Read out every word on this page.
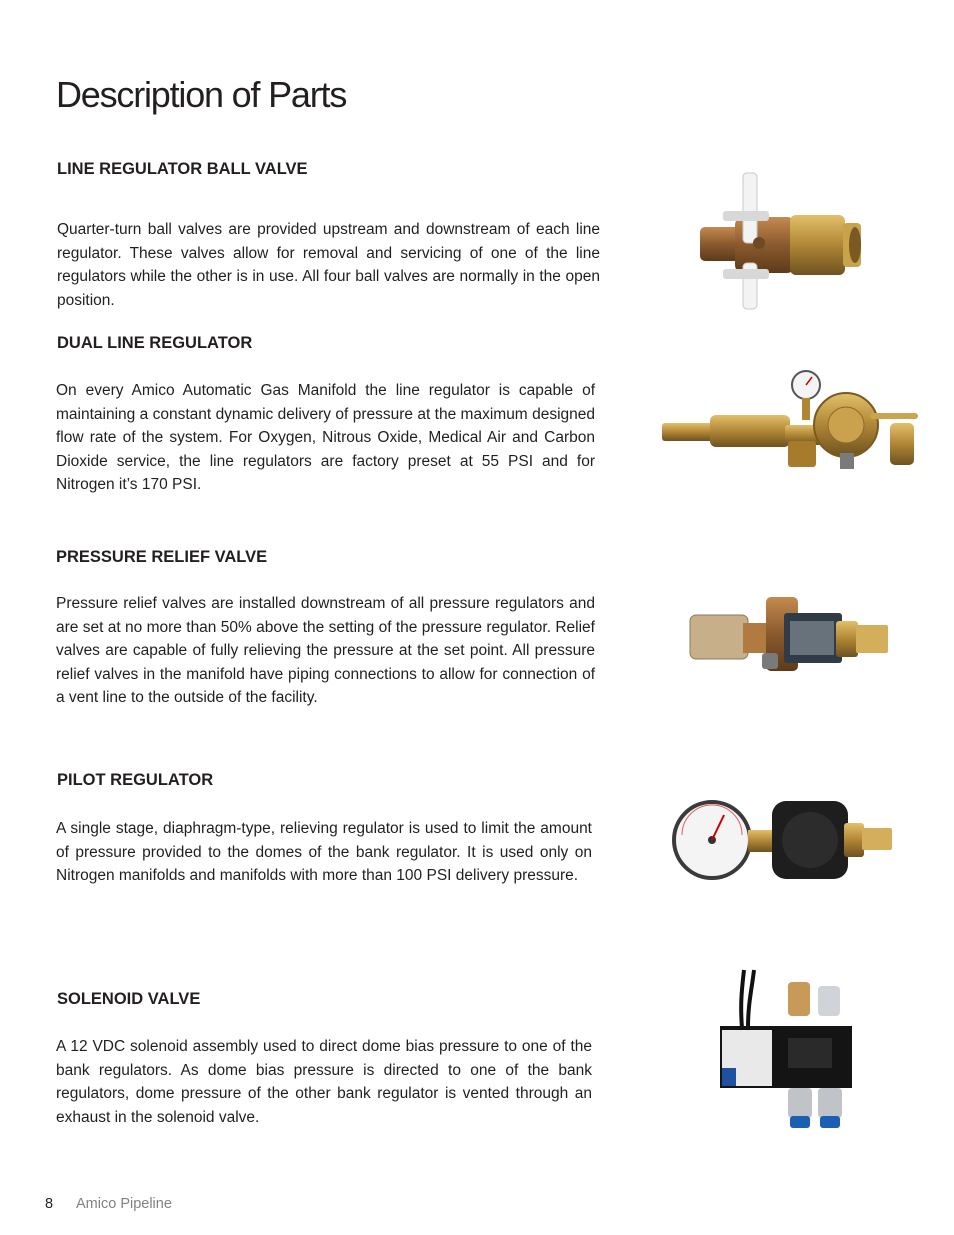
Description of Parts
LINE REGULATOR BALL VALVE

Quarter-turn ball valves are provided upstream and downstream of each line regulator. These valves allow for removal and servicing of one of the line regulators while the other is in use. All four ball valves are normally in the open position.

DUAL LINE REGULATOR

On every Amico Automatic Gas Manifold the line regulator is capable of maintaining a constant dynamic delivery of pressure at the maximum designed flow rate of the system. For Oxygen, Nitrous Oxide, Medical Air and Carbon Dioxide service, the line regulators are factory preset at 55 PSI and for Nitrogen it’s 170 PSI.

PRESSURE RELIEF VALVE

Pressure relief valves are installed downstream of all pressure regulators and are set at no more than 50% above the setting of the pressure regulator. Relief valves are capable of fully relieving the pressure at the set point. All pressure relief valves in the manifold have piping connections to allow for connection of a vent line to the outside of the facility.

PILOT REGULATOR

A single stage, diaphragm-type, relieving regulator is used to limit the amount of pressure provided to the domes of the bank regulator. It is used only on Nitrogen manifolds and manifolds with more than 100 PSI delivery pressure.

SOLENOID VALVE

A 12 VDC solenoid assembly used to direct dome bias pressure to one of the bank regulators. As dome bias pressure is directed to one of the bank regulators, dome pressure of the other bank regulator is vented through an exhaust in the solenoid valve.

8 Amico Pipeline
